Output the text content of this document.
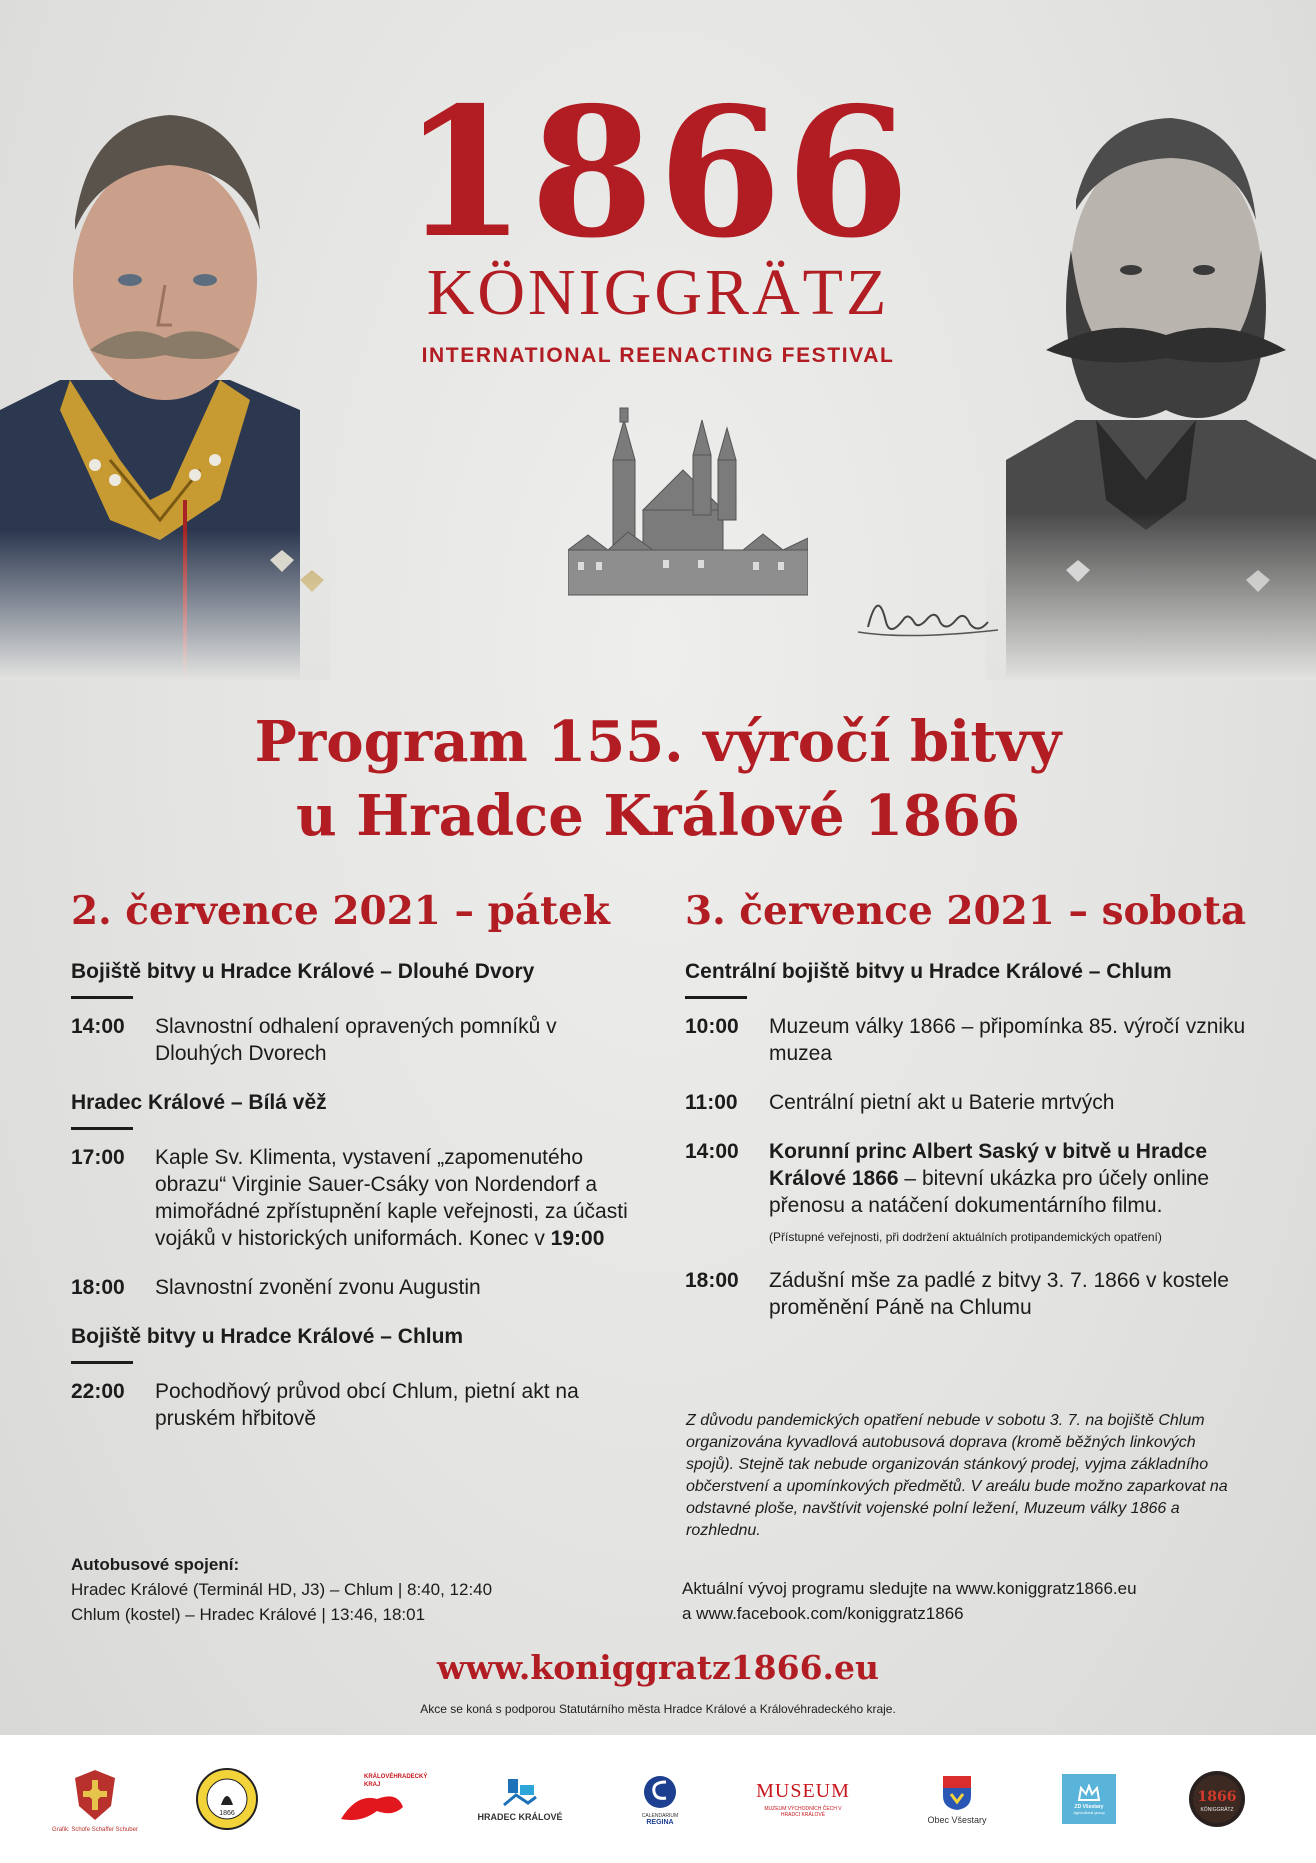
1866
KÖNIGGRÄTZ
INTERNATIONAL REENACTING FESTIVAL
Program 155. výročí bitvy
u Hradce Králové 1866
2. července 2021 – pátek
Bojiště bitvy u Hradce Králové – Dlouhé Dvory
14:00	Slavnostní odhalení opravených pomníků v Dlouhých Dvorech
Hradec Králové – Bílá věž
17:00	Kaple Sv. Klimenta, vystavení „zapomenutého obrazu“ Virginie Sauer-Csáky von Nordendorf a mimořádné zpřístupnění kaple veřejnosti, za účasti vojáků v historických uniformách. Konec v 19:00
18:00	Slavnostní zvonění zvonu Augustin
Bojiště bitvy u Hradce Králové – Chlum
22:00	Pochodňový průvod obcí Chlum, pietní akt na pruském hřbitově
Autobusové spojení:
Hradec Králové (Terminál HD, J3) – Chlum | 8:40, 12:40
Chlum (kostel) – Hradec Králové | 13:46, 18:01
3. července 2021 – sobota
Centrální bojiště bitvy u Hradce Králové – Chlum
10:00	Muzeum války 1866 – připomínka 85. výročí vzniku muzea
11:00	Centrální pietní akt u Baterie mrtvých
14:00	Korunní princ Albert Saský v bitvě u Hradce Králové 1866 – bitevní ukázka pro účely online přenosu a natáčení dokumentárního filmu.
(Přístupné veřejnosti, při dodržení aktuálních protipandemických opatření)
18:00	Zádušní mše za padlé z bitvy 3. 7. 1866 v kostele proměnění Páně na Chlumu
Z důvodu pandemických opatření nebude v sobotu 3. 7. na bojiště Chlum organizována kyvadlová autobusová doprava (kromě běžných linkových spojů). Stejně tak nebude organizován stánkový prodej, vyjma základního občerstvení a upomínkových předmětů. V areálu bude možno zaparkovat na odstavné ploše, navštívit vojenské polní ležení, Muzeum války 1866 a rozhlednu.
Aktuální vývoj programu sledujte na www.koniggratz1866.eu
a www.facebook.com/koniggratz1866
www.koniggratz1866.eu
Akce se koná s podporou Statutárního města Hradce Králové a Královéhradeckého kraje.
Grafik: Schofe Schaffer Schuber
1866
KRÁLOVÉHRADECKÝ KRAJ
HRADEC KRÁLOVÉ	CALENDARIUM
REGINA
MUSEUM
MUZEUM VÝCHODNÍCH ČECH V HRADCI KRÁLOVÉ	Obec Všestary
ZD Všestary
Agricultural group
1866
KÖNIGGRÄTZ
